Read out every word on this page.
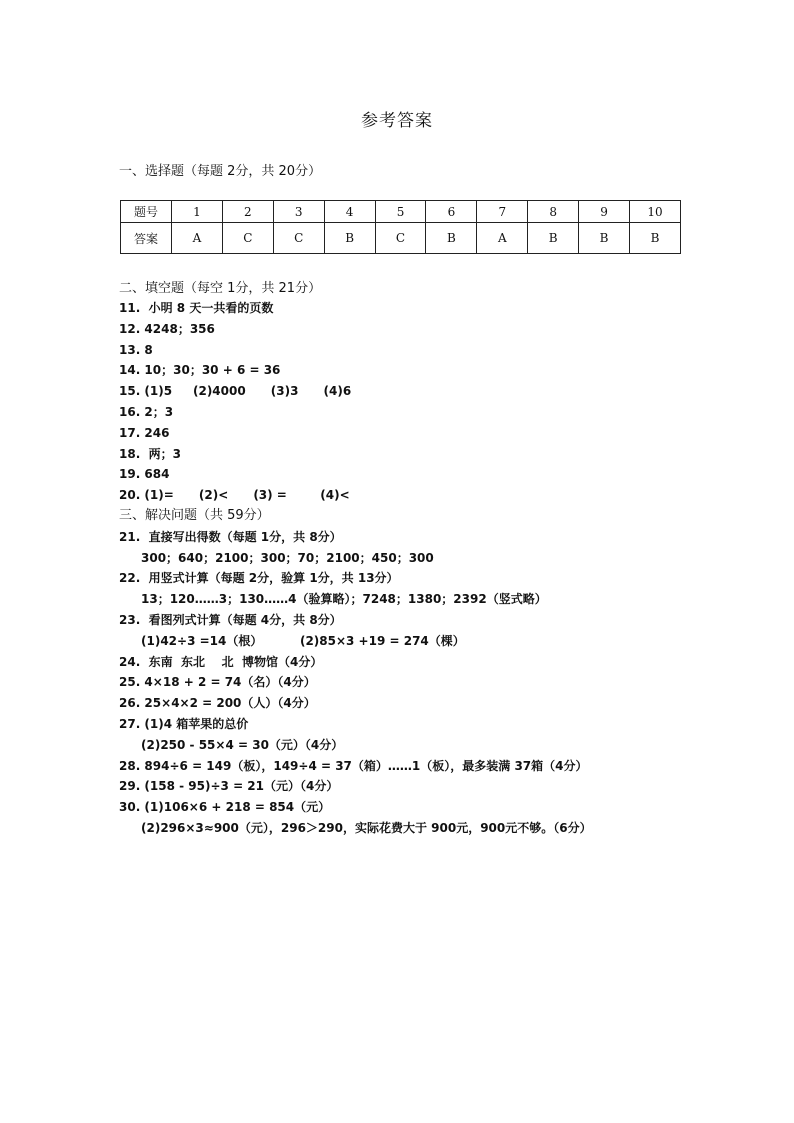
参考答案
一、选择题（每题 2分，共 20分）
题号	1	2	3	4	5	6	7	8	9	10
答案	A	C	C	B	C	B	A	B	B	B
二、填空题（每空 1分，共 21分）
11.  小明 8 天一共看的页数
12. 4248；356
13. 8
14. 10；30；30 + 6 = 36
15. (1)5     (2)4000      (3)3      (4)6
16. 2；3
17. 246
18.  两；3
19. 684
20. (1)=      (2)<      (3) =        (4)<
三、解决问题（共 59分）
21.  直接写出得数（每题 1分，共 8分）
300；640；2100；300；70；2100；450；300
22.  用竖式计算（每题 2分，验算 1分，共 13分）
13；120……3；130……4（验算略）；7248；1380；2392（竖式略）
23.  看图列式计算（每题 4分，共 8分）
(1)42÷3 =14（根）         (2)85×3 +19 = 274（棵）
24.  东南  东北    北  博物馆（4分）
25. 4×18 + 2 = 74（名）（4分）
26. 25×4×2 = 200（人）（4分）
27. (1)4 箱苹果的总价
(2)250 - 55×4 = 30（元）（4分）
28. 894÷6 = 149（板），149÷4 = 37（箱）……1（板），最多装满 37箱（4分）
29. (158 - 95)÷3 = 21（元）（4分）
30. (1)106×6 + 218 = 854（元）
(2)296×3≈900（元），296＞290，实际花费大于 900元，900元不够。（6分）
